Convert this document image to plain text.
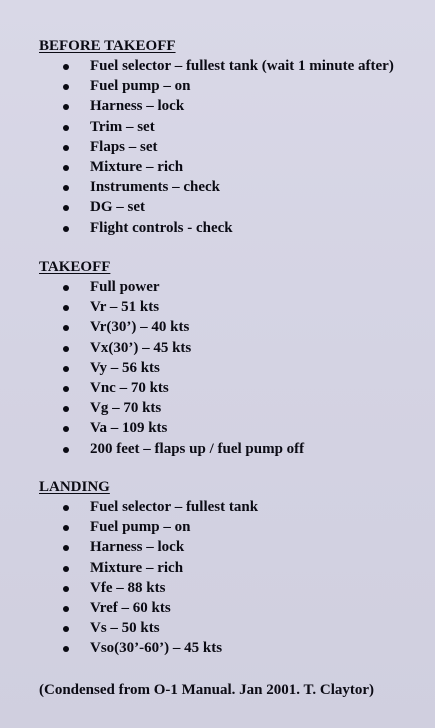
BEFORE TAKEOFF
Fuel selector – fullest tank (wait 1 minute after)
Fuel pump – on
Harness – lock
Trim – set
Flaps – set
Mixture – rich
Instruments – check
DG – set
Flight controls - check
TAKEOFF
Full power
Vr – 51 kts
Vr(30’) – 40 kts
Vx(30’) – 45 kts
Vy – 56 kts
Vnc – 70 kts
Vg – 70 kts
Va – 109 kts
200 feet – flaps up / fuel pump off
LANDING
Fuel selector – fullest tank
Fuel pump – on
Harness – lock
Mixture – rich
Vfe – 88 kts
Vref – 60 kts
Vs – 50 kts
Vso(30’-60’) – 45 kts
(Condensed from O-1 Manual. Jan 2001. T. Claytor)
